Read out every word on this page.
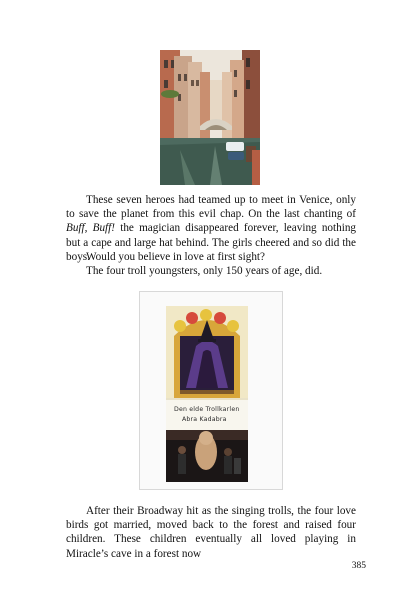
These seven heroes had teamed up to meet in Venice, only to save the planet from this evil chap. On the last chanting of Buff, Buff! the magician disappeared forever, leaving nothing but a cape and large hat behind. The girls cheered and so did the boys.

Would you believe in love at first sight?

The four troll youngsters, only 150 years of age, did.

Den elde Trollkarlen
Abra Kadabra

After their Broadway hit as the singing trolls, the four love birds got married, moved back to the forest and raised four children. These children eventually all loved playing in Miracle’s cave in a forest now

385
